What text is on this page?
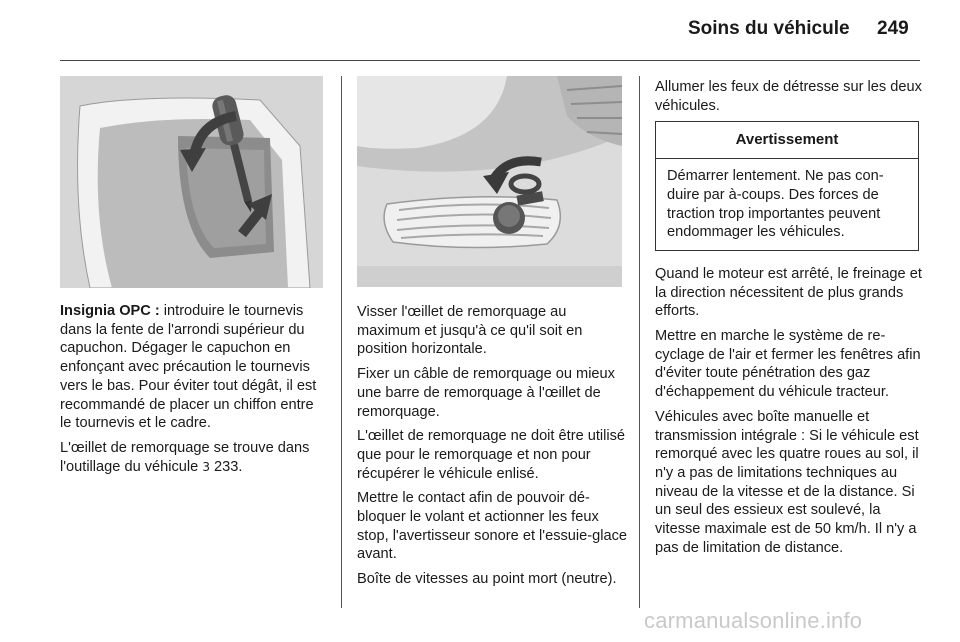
Soins du véhicule 249

Insignia OPC : introduire le tournevis dans la fente de l'arrondi supérieur du capuchon. Dégager le capuchon en enfonçant avec précaution le tournevis vers le bas. Pour éviter tout dégât, il est recommandé de placer un chiffon entre le tournevis et le cadre.

L'œillet de remorquage se trouve dans l'outillage du véhicule 3 233.

Visser l'œillet de remorquage au maximum et jusqu'à ce qu'il soit en position horizontale.

Fixer un câble de remorquage ou mieux une barre de remorquage à l'œillet de remorquage.

L'œillet de remorquage ne doit être utilisé que pour le remorquage et non pour récupérer le véhicule enlisé.

Mettre le contact afin de pouvoir débloquer le volant et actionner les feux stop, l'avertisseur sonore et l'essuie-glace avant.

Boîte de vitesses au point mort (neutre).

Allumer les feux de détresse sur les deux véhicules.

Avertissement
Démarrer lentement. Ne pas conduire par à-coups. Des forces de traction trop importantes peuvent endommager les véhicules.

Quand le moteur est arrêté, le freinage et la direction nécessitent de plus grands efforts.

Mettre en marche le système de recyclage de l'air et fermer les fenêtres afin d'éviter toute pénétration des gaz d'échappement du véhicule tracteur.

Véhicules avec boîte manuelle et transmission intégrale : Si le véhicule est remorqué avec les quatre roues au sol, il n'y a pas de limitations techniques au niveau de la vitesse et de la distance. Si un seul des essieux est soulevé, la vitesse maximale est de 50 km/h. Il n'y a pas de limitation de distance.

carmanualsonline.info
